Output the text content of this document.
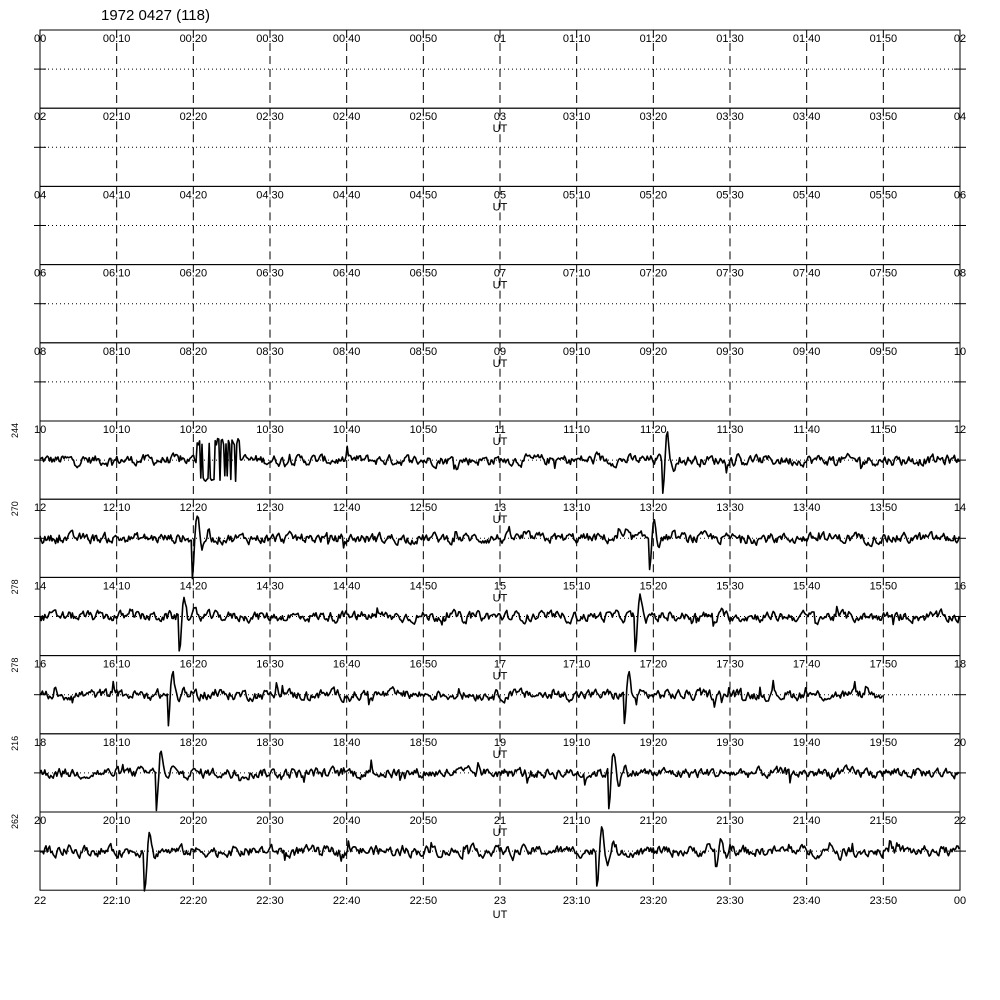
1972 0427 (118)
00	00:10	00:20	00:30	00:40	00:50	01	01:10	01:20	01:30	01:40	01:50	02
02	02:10	02:20	02:30	02:40	02:50	03	03:10	03:20	03:30	03:40	03:50	04
UT
04	04:10	04:20	04:30	04:40	04:50	05	05:10	05:20	05:30	05:40	05:50	06
UT
06	06:10	06:20	06:30	06:40	06:50	07	07:10	07:20	07:30	07:40	07:50	08
UT
08	08:10	08:20	08:30	08:40	08:50	09	09:10	09:20	09:30	09:40	09:50	10
UT
244 10	10:10	10:20	10:30	10:40	10:50	11	11:10	11:20	11:30	11:40	11:50	12
UT
270 12	12:10	12:20	12:30	12:40	12:50	13	13:10	13:20	13:30	13:40	13:50	14
UT
278 14	14:10	14:20	14:30	14:40	14:50	15	15:10	15:20	15:30	15:40	15:50	16
UT
278 16	16:10	16:20	16:30	16:40	16:50	17	17:10	17:20	17:30	17:40	17:50	18
UT
216 18	18:10	18:20	18:30	18:40	18:50	19	19:10	19:20	19:30	19:40	19:50	20
UT
262 20	20:10	20:20	20:30	20:40	20:50	21	21:10	21:20	21:30	21:40	21:50	22
UT
22	22:10	22:20	22:30	22:40	22:50	23	23:10	23:20	23:30	23:40	23:50	00
UT
